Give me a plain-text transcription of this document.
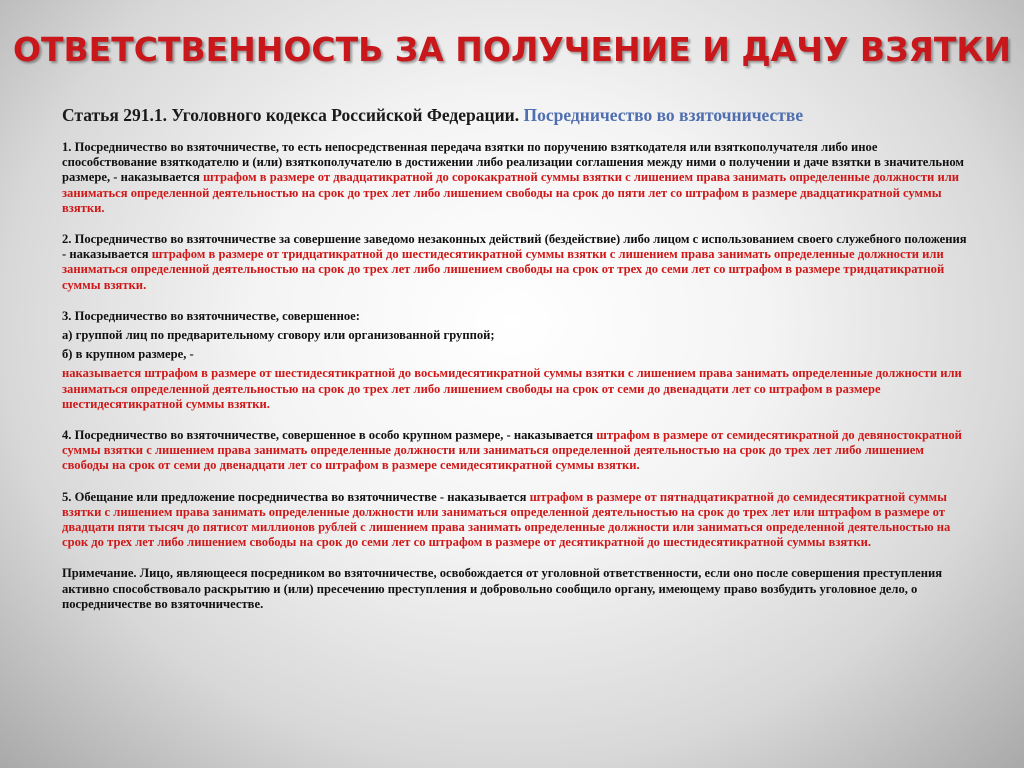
ОТВЕТСТВЕННОСТЬ ЗА ПОЛУЧЕНИЕ И ДАЧУ ВЗЯТКИ
Статья 291.1. Уголовного кодекса Российской Федерации. Посредничество во взяточничестве

1. Посредничество во взяточничестве, то есть непосредственная передача взятки по поручению взяткодателя или взяткополучателя либо иное способствование взяткодателю и (или) взяткополучателю в достижении либо реализации соглашения между ними о получении и даче взятки в значительном размере, - наказывается штрафом в размере от двадцатикратной до сорокакратной суммы взятки с лишением права занимать определенные должности или заниматься определенной деятельностью на срок до трех лет либо лишением свободы на срок до пяти лет со штрафом в размере двадцатикратной суммы взятки.

2. Посредничество во взяточничестве за совершение заведомо незаконных действий (бездействие) либо лицом с использованием своего служебного положения - наказывается штрафом в размере от тридцатикратной до шестидесятикратной суммы взятки с лишением права занимать определенные должности или заниматься определенной деятельностью на срок до трех лет либо лишением свободы на срок от трех до семи лет со штрафом в размере тридцатикратной суммы взятки.

3. Посредничество во взяточничестве, совершенное:

а) группой лиц по предварительному сговору или организованной группой;

б) в крупном размере, -

наказывается штрафом в размере от шестидесятикратной до восьмидесятикратной суммы взятки с лишением права занимать определенные должности или заниматься определенной деятельностью на срок до трех лет либо лишением свободы на срок от семи до двенадцати лет со штрафом в размере шестидесятикратной суммы взятки.

4. Посредничество во взяточничестве, совершенное в особо крупном размере, - наказывается штрафом в размере от семидесятикратной до девяностократной суммы взятки с лишением права занимать определенные должности или заниматься определенной деятельностью на срок до трех лет либо лишением свободы на срок от семи до двенадцати лет со штрафом в размере семидесятикратной суммы взятки.

5. Обещание или предложение посредничества во взяточничестве - наказывается штрафом в размере от пятнадцатикратной до семидесятикратной суммы взятки с лишением права занимать определенные должности или заниматься определенной деятельностью на срок до трех лет или штрафом в размере от двадцати пяти тысяч до пятисот миллионов рублей с лишением права занимать определенные должности или заниматься определенной деятельностью на срок до трех лет либо лишением свободы на срок до семи лет со штрафом в размере от десятикратной до шестидесятикратной суммы взятки.

Примечание. Лицо, являющееся посредником во взяточничестве, освобождается от уголовной ответственности, если оно после совершения преступления активно способствовало раскрытию и (или) пресечению преступления и добровольно сообщило органу, имеющему право возбудить уголовное дело, о посредничестве во взяточничестве.
